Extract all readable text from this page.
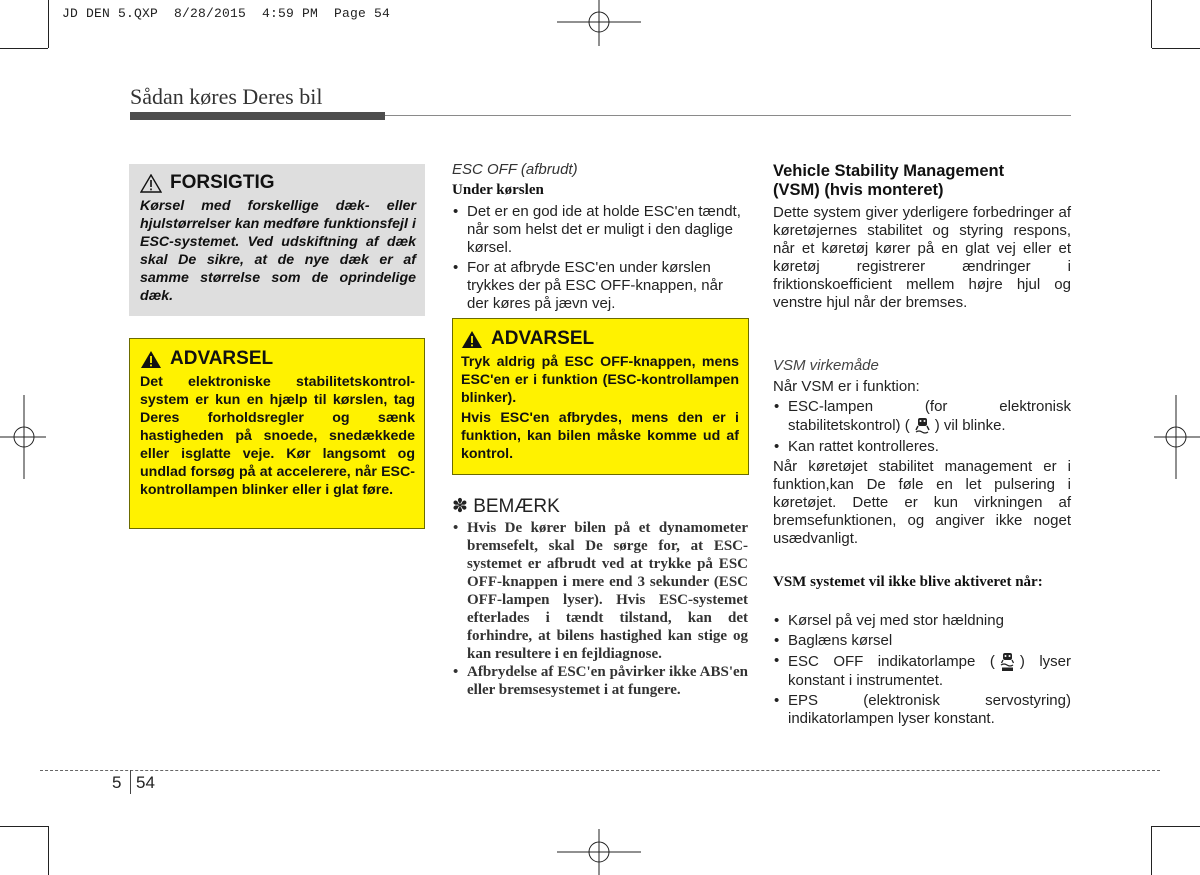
JD DEN 5.QXP  8/28/2015  4:59 PM  Page 54
Sådan køres Deres bil
FORSIGTIG
Kørsel med forskellige dæk- eller hjulstørrelser kan medføre funktionsfejl i ESC-systemet. Ved udskiftning af dæk skal De sikre, at de nye dæk er af samme størrelse som de oprindelige dæk.
ADVARSEL
Det elektroniske stabilitetskontrol-system er kun en hjælp til kørslen, tag Deres forholdsregler og sænk hastigheden på snoede, snedækkede eller isglatte veje. Kør langsomt og undlad forsøg på at accelerere, når ESC-kontrollampen blinker eller i glat føre.
ESC OFF (afbrudt)
Under kørslen
• Det er en god ide at holde ESC'en tændt, når som helst det er muligt i den daglige kørsel.
• For at afbryde ESC'en under kørslen trykkes der på ESC OFF-knappen, når der køres på jævn vej.
ADVARSEL

Tryk aldrig på ESC OFF-knappen, mens ESC'en er i funktion (ESC-kontrollampen blinker).

Hvis ESC'en afbrydes, mens den er i funktion, kan bilen måske komme ud af kontrol.

✽ BEMÆRK
• Hvis De kører bilen på et dynamometer bremsefelt, skal De sørge for, at ESC-systemet er afbrudt ved at trykke på ESC OFF-knappen i mere end 3 sekunder (ESC OFF-lampen lyser). Hvis ESC-systemet efterlades i tændt tilstand, kan det forhindre, at bilens hastighed kan stige og kan resultere i en fejldiagnose.
• Afbrydelse af ESC'en påvirker ikke ABS'en eller bremsesystemet i at fungere.
Vehicle Stability Management
(VSM) (hvis monteret)
Dette system giver yderligere forbedringer af køretøjernes stabilitet og styring respons, når et køretøj kører på en glat vej eller et køretøj registrerer ændringer i friktionskoefficient mellem højre hjul og venstre hjul når der bremses.
VSM virkemåde
Når VSM er i funktion:
• ESC-lampen	(for	elektronisk
stabilitetskontrol) ( ) vil blinke.
• Kan rattet kontrolleres.
Når køretøjet stabilitet management er i funktion,kan De føle en let pulsering i køretøjet. Dette er kun virkningen af bremsefunktionen, og angiver ikke noget usædvanligt.
VSM systemet vil ikke blive aktiveret når:
• Kørsel på vej med stor hældning
• Baglæns kørsel
• ESC OFF indikatorlampe ( ) lyser konstant i instrumentet.
• EPS (elektronisk servostyring) indikatorlampen lyser konstant.
5 54
